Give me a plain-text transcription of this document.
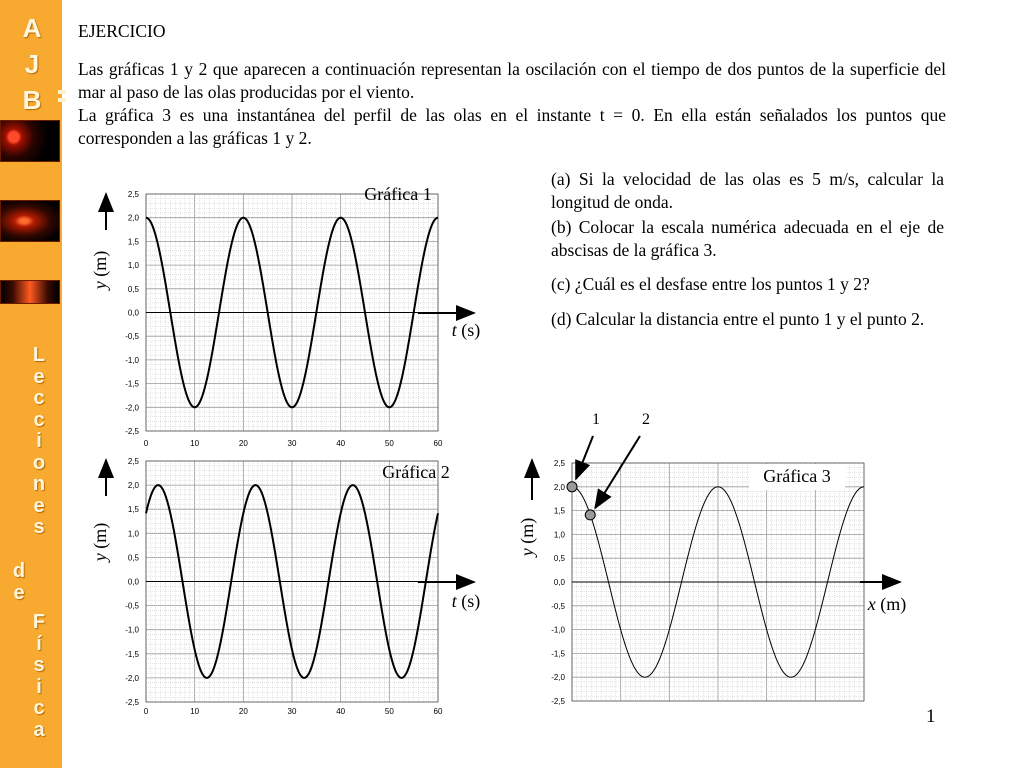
A
J
B
L
e
c
c
i
o
n
e
s
d
e
F
í
s
i
c
a
EJERCICIO
Las gráficas 1 y 2 que aparecen a continuación representan la oscilación con el tiempo de dos puntos de la superficie del mar al paso de las olas producidas por el viento.
La gráfica 3 es una instantánea del perfil de las olas en el instante t = 0. En ella están señalados los puntos que corresponden a las gráficas 1 y 2.
(a) Si la velocidad de las olas es 5 m/s, calcular la longitud de onda.
(b) Colocar la escala numérica adecuada en el eje de abscisas de la gráfica 3.
(c) ¿Cuál es el desfase entre los puntos 1 y 2?
(d) Calcular la distancia entre el punto 1 y el punto 2.
1
2,5
2,0
1,5
1,0
0,5
0,0
-0,5
-1,0
-1,5
-2,0
-2,5
0	10	20	30	40	50	60
Gráfica 1
y (m)
t (s)
2,5
2,0
1,5
1,0
0,5
0,0
-0,5
-1,0
-1,5
-2,0
-2,5
0	10	20	30	40	50	60
Gráfica 2
y (m)
t (s)
2,5
2,0
1,5
1,0
0,5
0,0
-0,5
-1,0
-1,5
-2,0
-2,5
Gráfica 3
y (m)
x (m)
1	2
